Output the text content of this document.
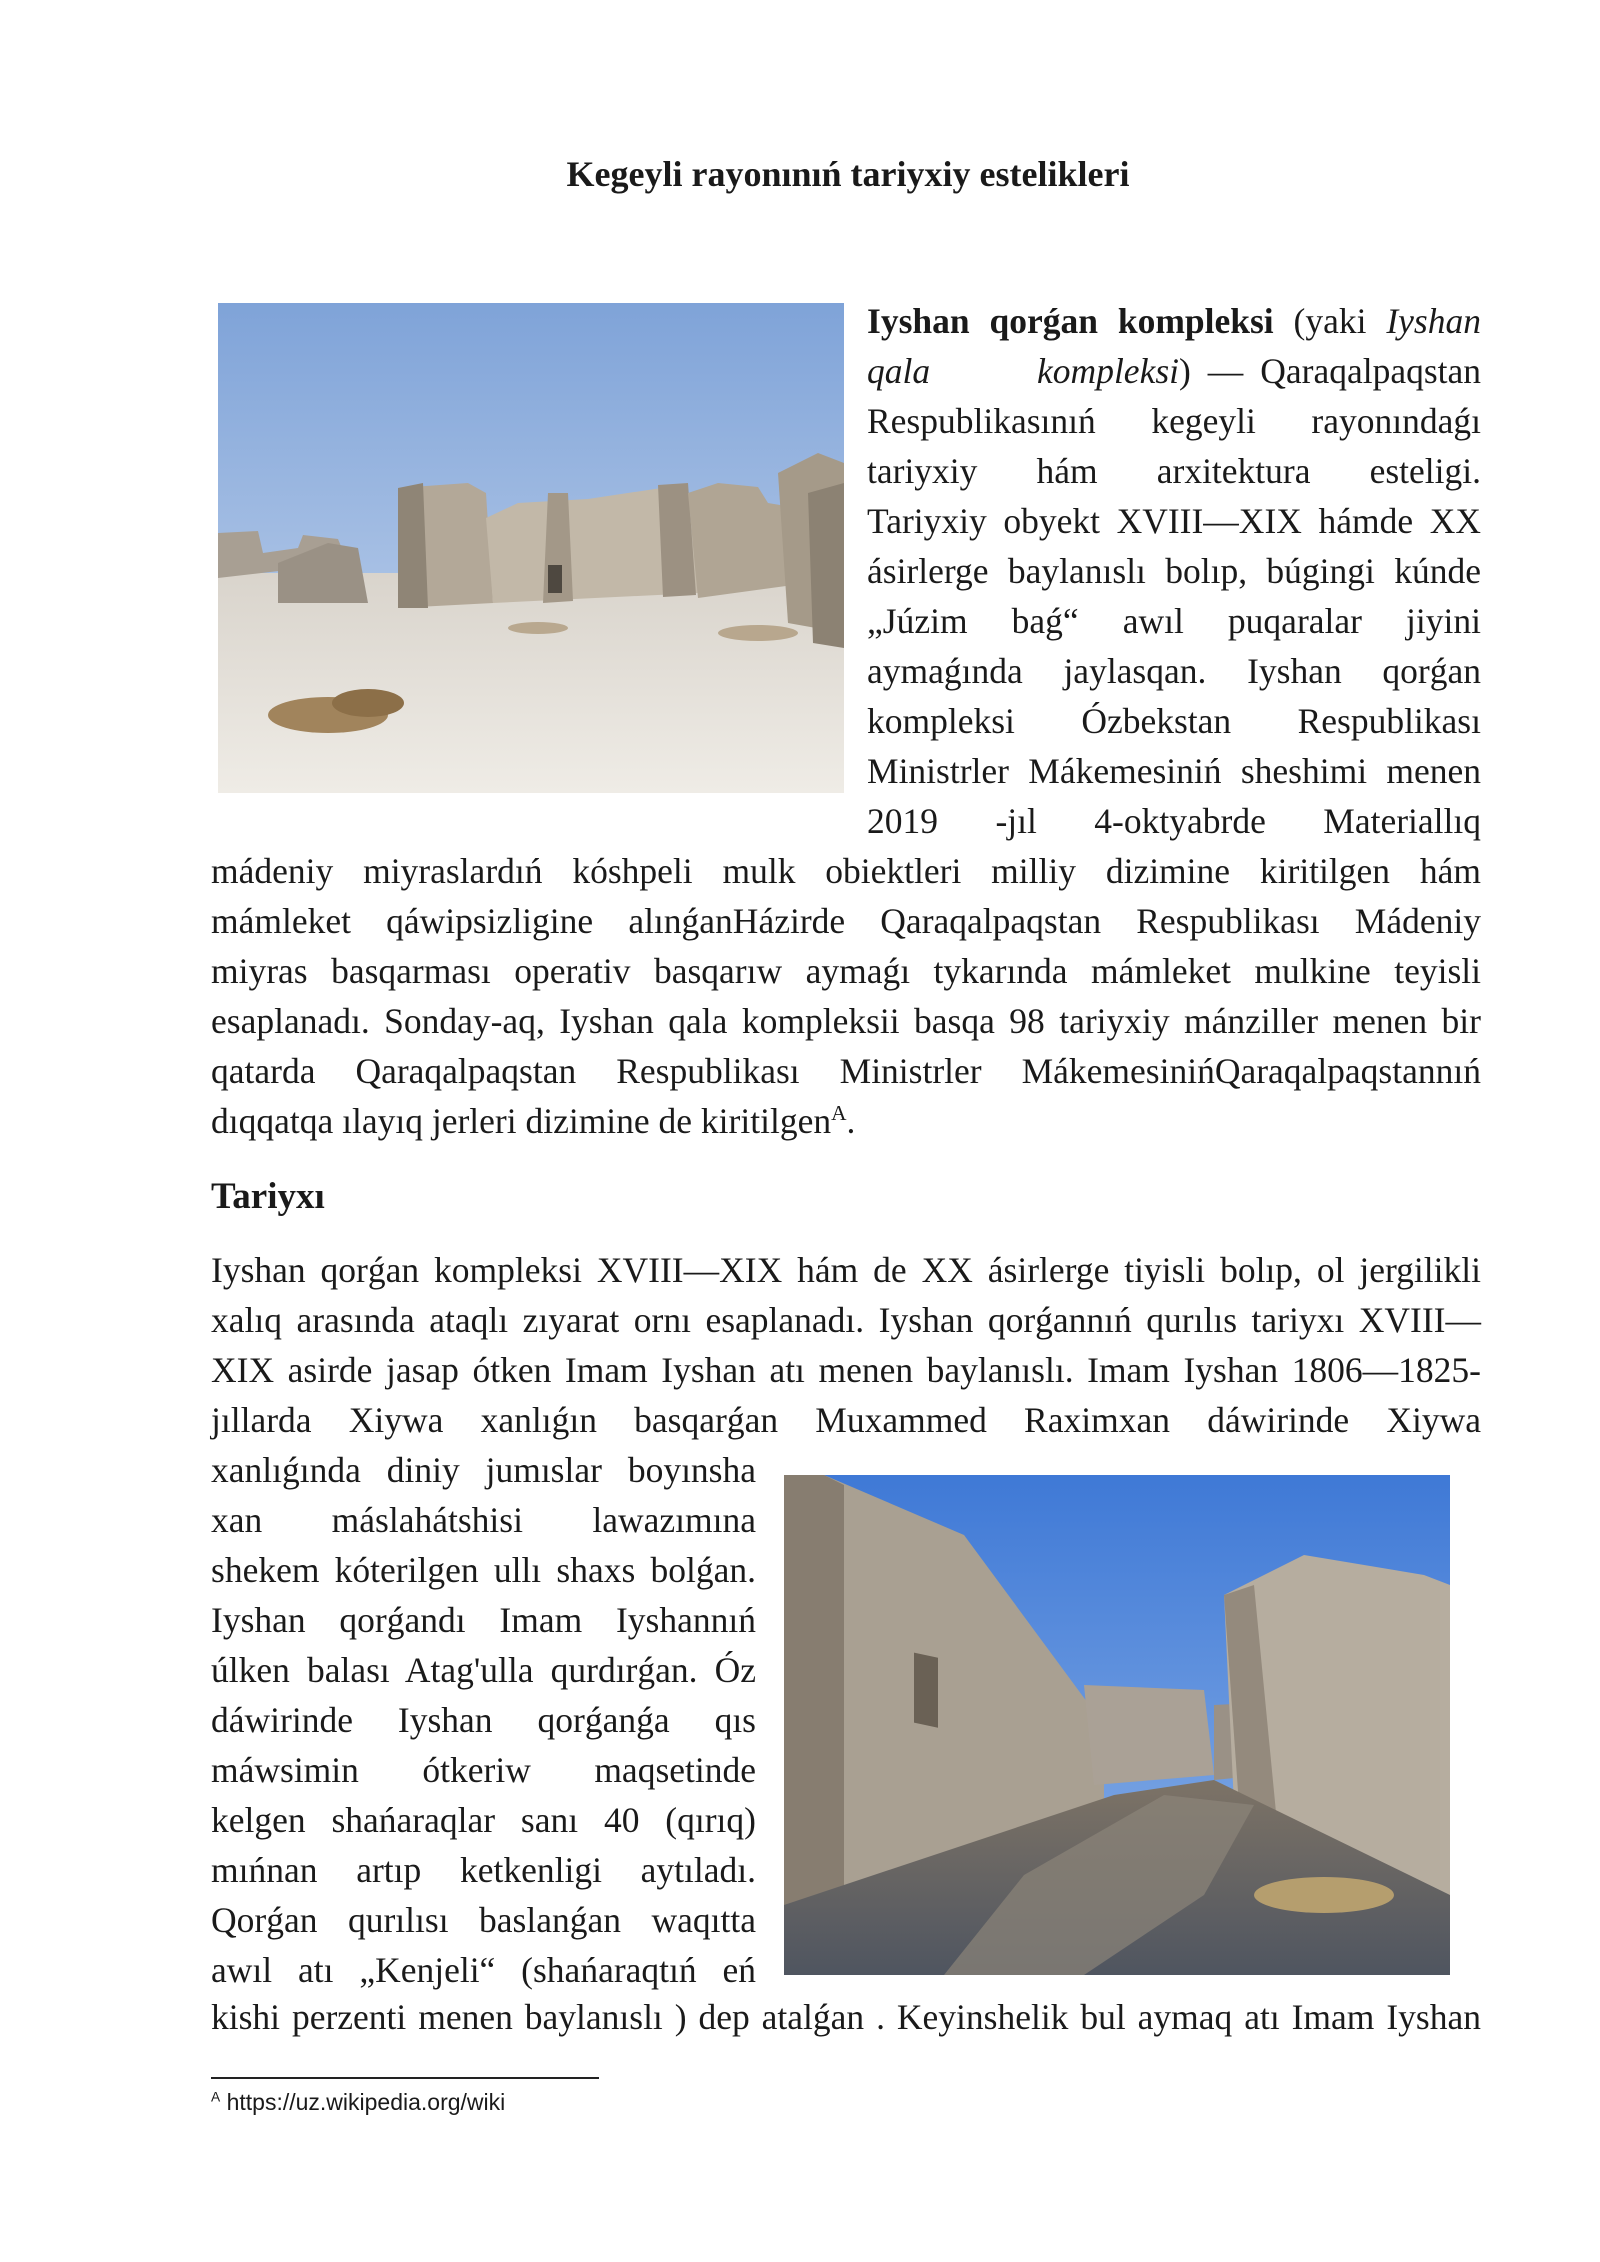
Kegeyli rayonınıń tariyxiy estelikleri
Iyshan qorǵan kompleksi (yaki Iyshan
qala kompleksi) — Qaraqalpaqstan
Respublikasınıń kegeyli rayonındaǵı
tariyxiy hám arxitektura esteligi.
Tariyxiy obyekt XVIII—XIX hámde XX
ásirlerge baylanıslı bolıp, búgingi kúnde
„Júzim baǵ“ awıl puqaralar jiyini
aymaǵında jaylasqan. Iyshan qorǵan
kompleksi Ózbekstan Respublikası
Ministrler Mákemesiniń sheshimi menen
2019 -jıl 4-oktyabrde Materiallıq
mádeniy miyraslardıń kóshpeli mulk obiektleri milliy dizimine kiritilgen hám
mámleket qáwipsizligine alınǵanHázirde Qaraqalpaqstan Respublikası Mádeniy
miyras basqarması operativ basqarıw aymaǵı tykarında mámleket mulkine teyisli
esaplanadı. Sonday-aq, Iyshan qala kompleksii basqa 98 tariyxiy mánziller menen bir
qatarda Qaraqalpaqstan Respublikası Ministrler MákemesinińQaraqalpaqstannıń
dıqqatqa ılayıq jerleri dizimine de kiritilgen$^A$.
Tariyxı
Iyshan qorǵan kompleksi XVIII—XIX hám de XX ásirlerge tiyisli bolıp, ol jergilikli
xalıq arasında ataqlı zıyarat ornı esaplanadı. Iyshan qorǵannıń qurılıs tariyxı XVIII—
XIX asirde jasap ótken Imam Iyshan atı menen baylanıslı. Imam Iyshan 1806—1825-
jıllarda Xiywa xanlıǵın basqarǵan Muxammed Raximxan dáwirinde Xiywa
xanlıǵında diniy jumıslar boyınsha
xan máslahátshisi lawazımına
shekem kóterilgen ullı shaxs bolǵan.
Iyshan qorǵandı Imam Iyshannıń
úlken balası Atag'ulla qurdırǵan. Óz
dáwirinde Iyshan qorǵanǵa qıs
máwsimin ótkeriw maqsetinde
kelgen shańaraqlar sanı 40 (qırıq)
mıńnan artıp ketkenligi aytıladı.
Qorǵan qurılısı baslanǵan waqıtta
awıl atı „Kenjeli“ (shańaraqtıń eń
kishi perzenti menen baylanıslı ) dep atalǵan . Keyinshelik bul aymaq atı Imam Iyshan
$^A$ https://uz.wikipedia.org/wiki
